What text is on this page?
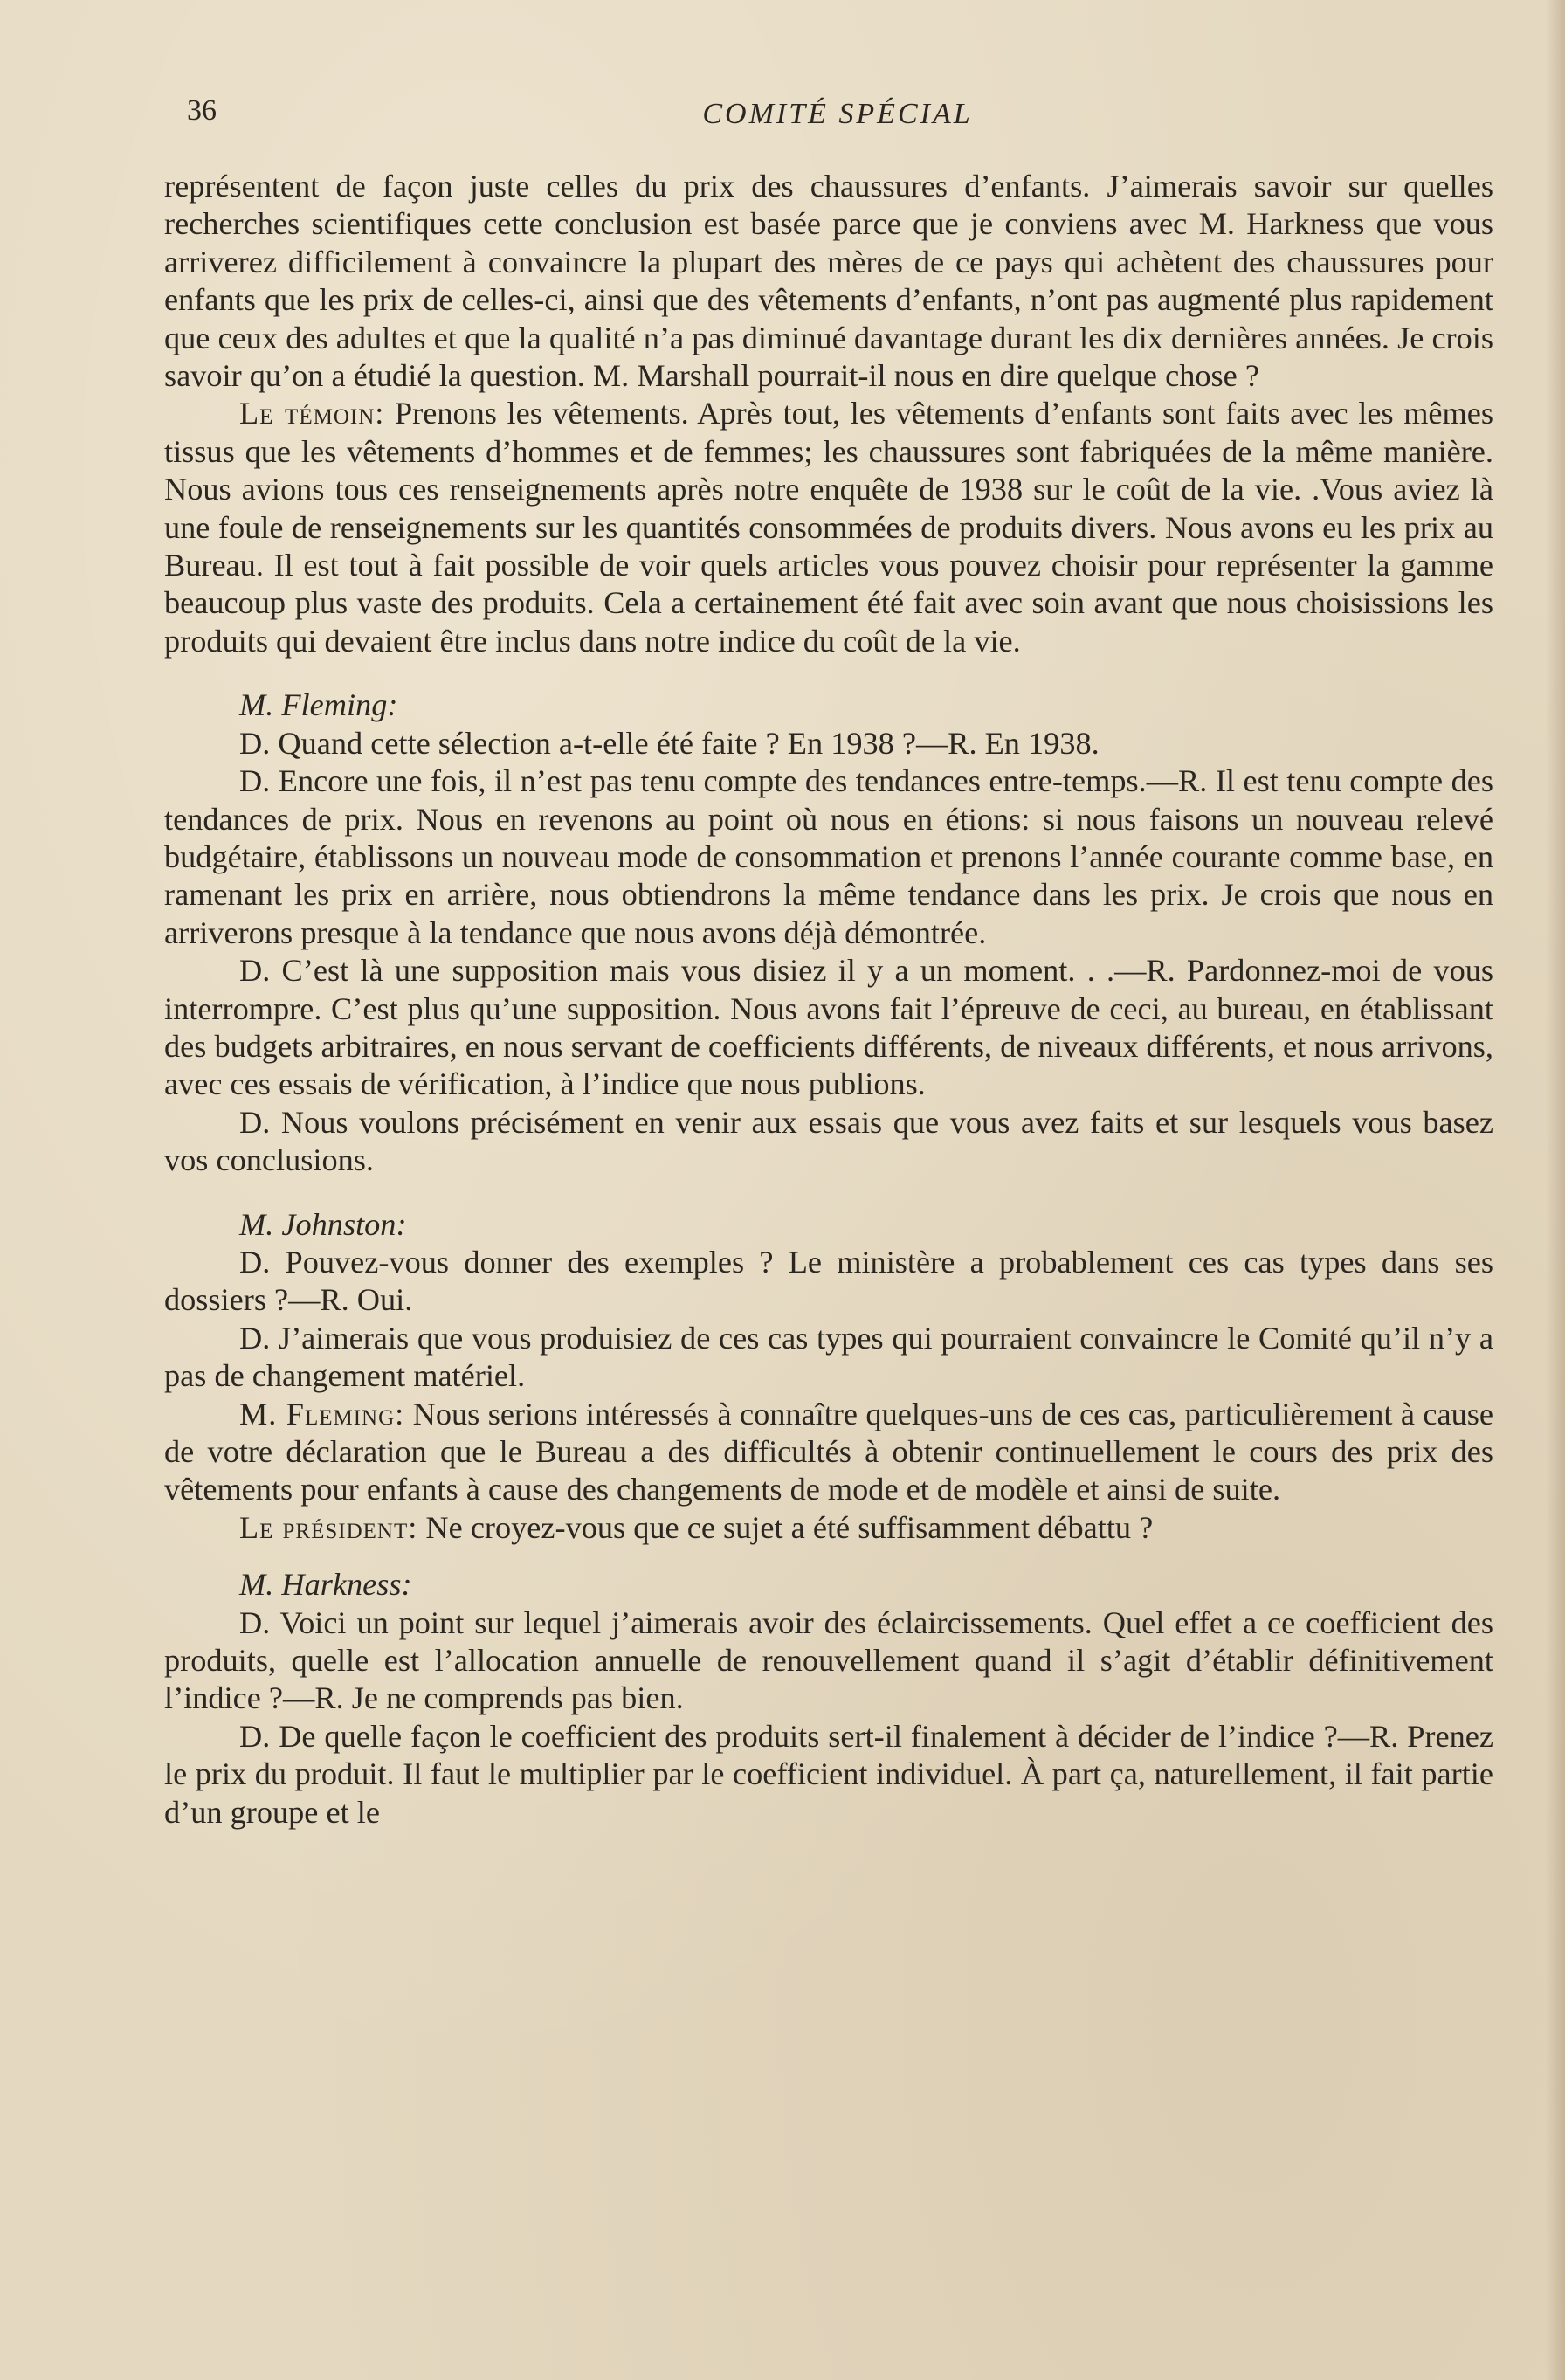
36	COMITÉ SPÉCIAL

représentent de façon juste celles du prix des chaussures d’enfants. J’aimerais savoir sur quelles recherches scientifiques cette conclusion est basée parce que je conviens avec M. Harkness que vous arriverez difficilement à convaincre la plupart des mères de ce pays qui achètent des chaussures pour enfants que les prix de celles-ci, ainsi que des vêtements d’enfants, n’ont pas augmenté plus rapidement que ceux des adultes et que la qualité n’a pas diminué davantage durant les dix dernières années. Je crois savoir qu’on a étudié la question. M. Marshall pourrait-il nous en dire quelque chose ?

Le témoin: Prenons les vêtements. Après tout, les vêtements d’enfants sont faits avec les mêmes tissus que les vêtements d’hommes et de femmes; les chaussures sont fabriquées de la même manière. Nous avions tous ces renseignements après notre enquête de 1938 sur le coût de la vie. .Vous aviez là une foule de renseignements sur les quantités consommées de produits divers. Nous avons eu les prix au Bureau. Il est tout à fait possible de voir quels articles vous pouvez choisir pour représenter la gamme beaucoup plus vaste des produits. Cela a certainement été fait avec soin avant que nous choisissions les produits qui devaient être inclus dans notre indice du coût de la vie.

M. Fleming:

D. Quand cette sélection a-t-elle été faite ? En 1938 ?—R. En 1938.

D. Encore une fois, il n’est pas tenu compte des tendances entre-temps.—R. Il est tenu compte des tendances de prix. Nous en revenons au point où nous en étions: si nous faisons un nouveau relevé budgétaire, établissons un nouveau mode de consommation et prenons l’année courante comme base, en ramenant les prix en arrière, nous obtiendrons la même tendance dans les prix. Je crois que nous en arriverons presque à la tendance que nous avons déjà démontrée.

D. C’est là une supposition mais vous disiez il y a un moment. . .—R. Pardonnez-moi de vous interrompre. C’est plus qu’une supposition. Nous avons fait l’épreuve de ceci, au bureau, en établissant des budgets arbitraires, en nous servant de coefficients différents, de niveaux différents, et nous arrivons, avec ces essais de vérification, à l’indice que nous publions.

D. Nous voulons précisément en venir aux essais que vous avez faits et sur lesquels vous basez vos conclusions.

M. Johnston:

D. Pouvez-vous donner des exemples ? Le ministère a probablement ces cas types dans ses dossiers ?—R. Oui.

D. J’aimerais que vous produisiez de ces cas types qui pourraient convaincre le Comité qu’il n’y a pas de changement matériel.

M. Fleming: Nous serions intéressés à connaître quelques-uns de ces cas, particulièrement à cause de votre déclaration que le Bureau a des difficultés à obtenir continuellement le cours des prix des vêtements pour enfants à cause des changements de mode et de modèle et ainsi de suite.

Le président: Ne croyez-vous que ce sujet a été suffisamment débattu ?

M. Harkness:

D. Voici un point sur lequel j’aimerais avoir des éclaircissements. Quel effet a ce coefficient des produits, quelle est l’allocation annuelle de renouvellement quand il s’agit d’établir définitivement l’indice ?—R. Je ne comprends pas bien.

D. De quelle façon le coefficient des produits sert-il finalement à décider de l’indice ?—R. Prenez le prix du produit. Il faut le multiplier par le coefficient individuel. À part ça, naturellement, il fait partie d’un groupe et le
